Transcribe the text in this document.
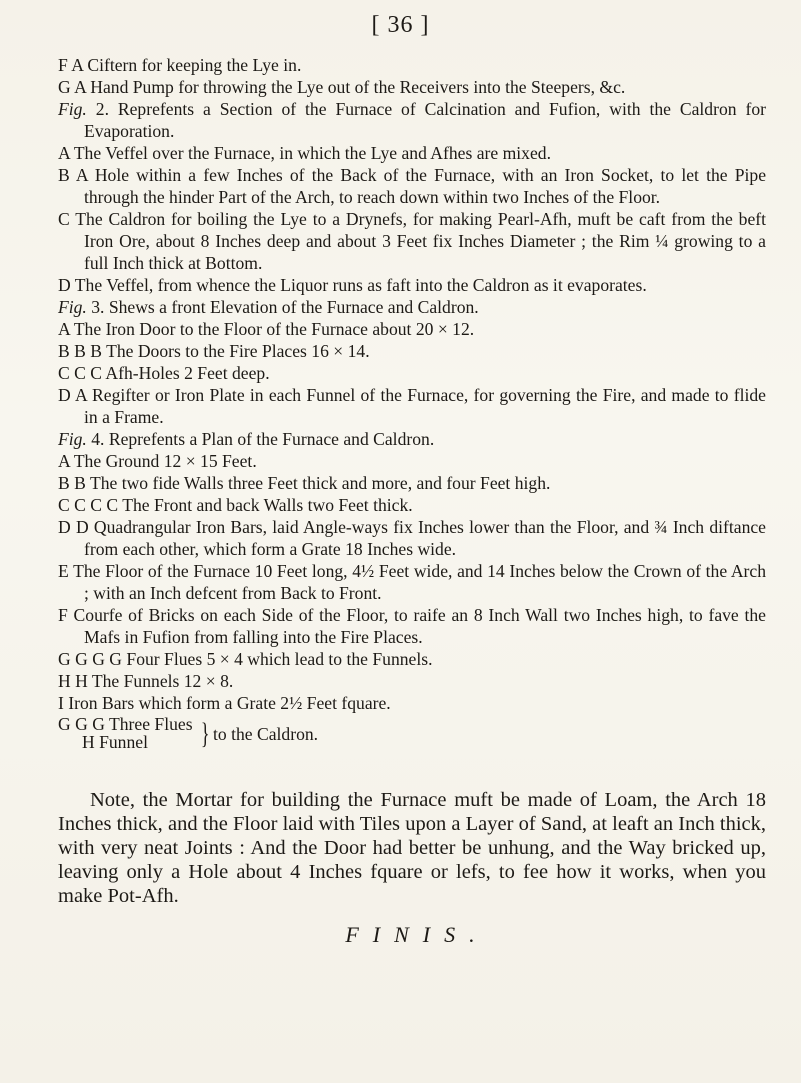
[ 36 ]

F A Ciftern for keeping the Lye in.

G A Hand Pump for throwing the Lye out of the Receivers into the Steepers, &c.

Fig. 2. Reprefents a Section of the Furnace of Calcination and Fufion, with the Caldron for Evaporation.

A The Veffel over the Furnace, in which the Lye and Afhes are mixed.

B A Hole within a few Inches of the Back of the Furnace, with an Iron Socket, to let the Pipe through the hinder Part of the Arch, to reach down within two Inches of the Floor.

C The Caldron for boiling the Lye to a Drynefs, for making Pearl-Afh, muft be caft from the beft Iron Ore, about 8 Inches deep and about 3 Feet fix Inches Diameter ; the Rim ¼ growing to a full Inch thick at Bottom.

D The Veffel, from whence the Liquor runs as faft into the Caldron as it evaporates.

Fig. 3. Shews a front Elevation of the Furnace and Caldron.

A The Iron Door to the Floor of the Furnace about 20 × 12.

B B B The Doors to the Fire Places 16 × 14.

C C C Afh-Holes 2 Feet deep.

D A Regifter or Iron Plate in each Funnel of the Furnace, for governing the Fire, and made to flide in a Frame.

Fig. 4. Reprefents a Plan of the Furnace and Caldron.

A The Ground 12 × 15 Feet.

B B The two fide Walls three Feet thick and more, and four Feet high.

C C C C The Front and back Walls two Feet thick.

D D Quadrangular Iron Bars, laid Angle-ways fix Inches lower than the Floor, and ¾ Inch diftance from each other, which form a Grate 18 Inches wide.

E The Floor of the Furnace 10 Feet long, 4½ Feet wide, and 14 Inches below the Crown of the Arch ; with an Inch defcent from Back to Front.

F Courfe of Bricks on each Side of the Floor, to raife an 8 Inch Wall two Inches high, to fave the Mafs in Fufion from falling into the Fire Places.

G G G G Four Flues 5 × 4 which lead to the Funnels.

H H The Funnels 12 × 8.

I Iron Bars which form a Grate 2½ Feet fquare.

G G G Three Flues
H Funnel } to the Caldron.

Note, the Mortar for building the Furnace muft be made of Loam, the Arch 18 Inches thick, and the Floor laid with Tiles upon a Layer of Sand, at leaft an Inch thick, with very neat Joints : And the Door had better be unhung, and the Way bricked up, leaving only a Hole about 4 Inches fquare or lefs, to fee how it works, when you make Pot-Afh.

FINIS.
